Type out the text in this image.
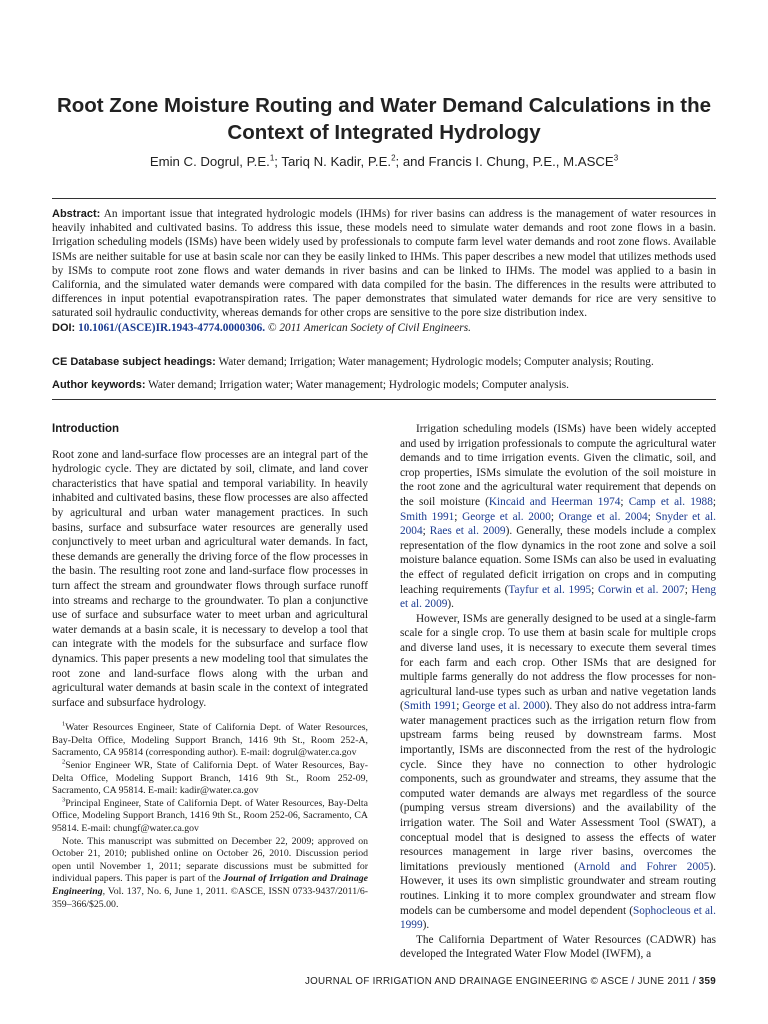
Root Zone Moisture Routing and Water Demand Calculations in the Context of Integrated Hydrology
Emin C. Dogrul, P.E.$^1$; Tariq N. Kadir, P.E.$^2$; and Francis I. Chung, P.E., M.ASCE$^3$
Abstract: An important issue that integrated hydrologic models (IHMs) for river basins can address is the management of water resources in heavily inhabited and cultivated basins. To address this issue, these models need to simulate water demands and root zone flows in a basin. Irrigation scheduling models (ISMs) have been widely used by professionals to compute farm level water demands and root zone flows. Available ISMs are neither suitable for use at basin scale nor can they be easily linked to IHMs. This paper describes a new model that utilizes methods used by ISMs to compute root zone flows and water demands in river basins and can be linked to IHMs. The model was applied to a basin in California, and the simulated water demands were compared with data compiled for the basin. The differences in the results were attributed to differences in input potential evapotranspiration rates. The paper demonstrates that simulated water demands for rice are very sensitive to saturated soil hydraulic conductivity, whereas demands for other crops are sensitive to the pore size distribution index.
DOI: 10.1061/(ASCE)IR.1943-4774.0000306. © 2011 American Society of Civil Engineers.
CE Database subject headings: Water demand; Irrigation; Water management; Hydrologic models; Computer analysis; Routing.
Author keywords: Water demand; Irrigation water; Water management; Hydrologic models; Computer analysis.
Introduction

Root zone and land-surface flow processes are an integral part of the hydrologic cycle. They are dictated by soil, climate, and land cover characteristics that have spatial and temporal variability. In heavily inhabited and cultivated basins, these flow processes are also affected by agricultural and urban water management practices. In such basins, surface and subsurface water resources are generally used conjunctively to meet urban and agricultural water demands. In fact, these demands are generally the driving force of the flow processes in the basin. The resulting root zone and land-surface flow processes in turn affect the stream and groundwater flows through surface runoff into streams and recharge to the groundwater. To plan a conjunctive use of surface and subsurface water to meet urban and agricultural water demands at a basin scale, it is necessary to develop a tool that can integrate with the models for the subsurface and surface flow dynamics. This paper presents a new modeling tool that simulates the root zone and land-surface flows along with the urban and agricultural water demands at basin scale in the context of integrated surface and subsurface hydrology.

$^1$Water Resources Engineer, State of California Dept. of Water Resources, Bay-Delta Office, Modeling Support Branch, 1416 9th St., Room 252-A, Sacramento, CA 95814 (corresponding author). E-mail: dogrul@water.ca.gov

$^2$Senior Engineer WR, State of California Dept. of Water Resources, Bay-Delta Office, Modeling Support Branch, 1416 9th St., Room 252-09, Sacramento, CA 95814. E-mail: kadir@water.ca.gov

$^3$Principal Engineer, State of California Dept. of Water Resources, Bay-Delta Office, Modeling Support Branch, 1416 9th St., Room 252-06, Sacramento, CA 95814. E-mail: chungf@water.ca.gov

Note. This manuscript was submitted on December 22, 2009; approved on October 21, 2010; published online on October 26, 2010. Discussion period open until November 1, 2011; separate discussions must be submitted for individual papers. This paper is part of the Journal of Irrigation and Drainage Engineering, Vol. 137, No. 6, June 1, 2011. ©ASCE, ISSN 0733-9437/2011/6-359–366/$25.00.

Irrigation scheduling models (ISMs) have been widely accepted and used by irrigation professionals to compute the agricultural water demands and to time irrigation events. Given the climatic, soil, and crop properties, ISMs simulate the evolution of the soil moisture in the root zone and the agricultural water requirement that depends on the soil moisture (Kincaid and Heerman 1974; Camp et al. 1988; Smith 1991; George et al. 2000; Orange et al. 2004; Snyder et al. 2004; Raes et al. 2009). Generally, these models include a complex representation of the flow dynamics in the root zone and solve a soil moisture balance equation. Some ISMs can also be used in evaluating the effect of regulated deficit irrigation on crops and in computing leaching requirements (Tayfur et al. 1995; Corwin et al. 2007; Heng et al. 2009).

However, ISMs are generally designed to be used at a single-farm scale for a single crop. To use them at basin scale for multiple crops and diverse land uses, it is necessary to execute them several times for each farm and each crop. Other ISMs that are designed for multiple farms generally do not address the flow processes for non-agricultural land-use types such as urban and native vegetation lands (Smith 1991; George et al. 2000). They also do not address intra-farm water management practices such as the irrigation return flow from upstream farms being reused by downstream farms. Most importantly, ISMs are disconnected from the rest of the hydrologic cycle. Since they have no connection to other hydrologic components, such as groundwater and streams, they assume that the computed water demands are always met regardless of the source (pumping versus stream diversions) and the availability of the irrigation water. The Soil and Water Assessment Tool (SWAT), a conceptual model that is designed to assess the effects of water resources management in large river basins, overcomes the limitations previously mentioned (Arnold and Fohrer 2005). However, it uses its own simplistic groundwater and stream routing routines. Linking it to more complex groundwater and stream flow models can be cumbersome and model dependent (Sophocleous et al. 1999).

The California Department of Water Resources (CADWR) has developed the Integrated Water Flow Model (IWFM), a

JOURNAL OF IRRIGATION AND DRAINAGE ENGINEERING © ASCE / JUNE 2011 / 359
